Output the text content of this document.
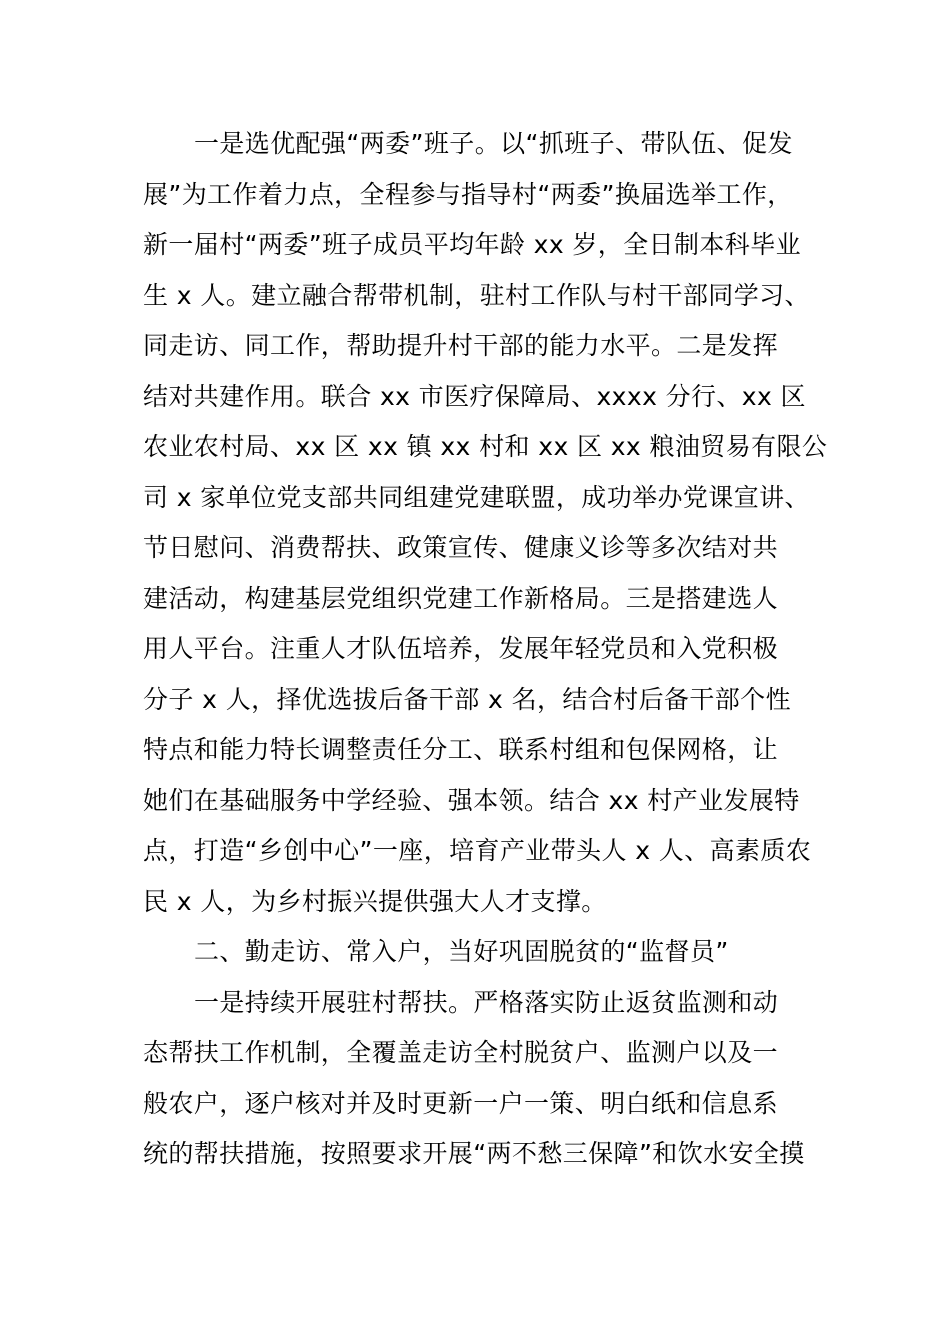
一是选优配强“两委”班子。以“抓班子、带队伍、促发
展”为工作着力点，全程参与指导村“两委”换届选举工作，
新一届村“两委”班子成员平均年龄 xx 岁，全日制本科毕业
生 x 人。建立融合帮带机制，驻村工作队与村干部同学习、
同走访、同工作，帮助提升村干部的能力水平。二是发挥
结对共建作用。联合 xx 市医疗保障局、xxxx 分行、xx 区
农业农村局、xx 区 xx 镇 xx 村和 xx 区 xx 粮油贸易有限公
司 x 家单位党支部共同组建党建联盟，成功举办党课宣讲、
节日慰问、消费帮扶、政策宣传、健康义诊等多次结对共
建活动，构建基层党组织党建工作新格局。三是搭建选人
用人平台。注重人才队伍培养，发展年轻党员和入党积极
分子 x 人，择优选拔后备干部 x 名，结合村后备干部个性
特点和能力特长调整责任分工、联系村组和包保网格，让
她们在基础服务中学经验、强本领。结合 xx 村产业发展特
点，打造“乡创中心”一座，培育产业带头人 x 人、高素质农
民 x 人，为乡村振兴提供强大人才支撑。
二、勤走访、常入户，当好巩固脱贫的“监督员”
一是持续开展驻村帮扶。严格落实防止返贫监测和动
态帮扶工作机制，全覆盖走访全村脱贫户、监测户以及一
般农户，逐户核对并及时更新一户一策、明白纸和信息系
统的帮扶措施，按照要求开展“两不愁三保障”和饮水安全摸
